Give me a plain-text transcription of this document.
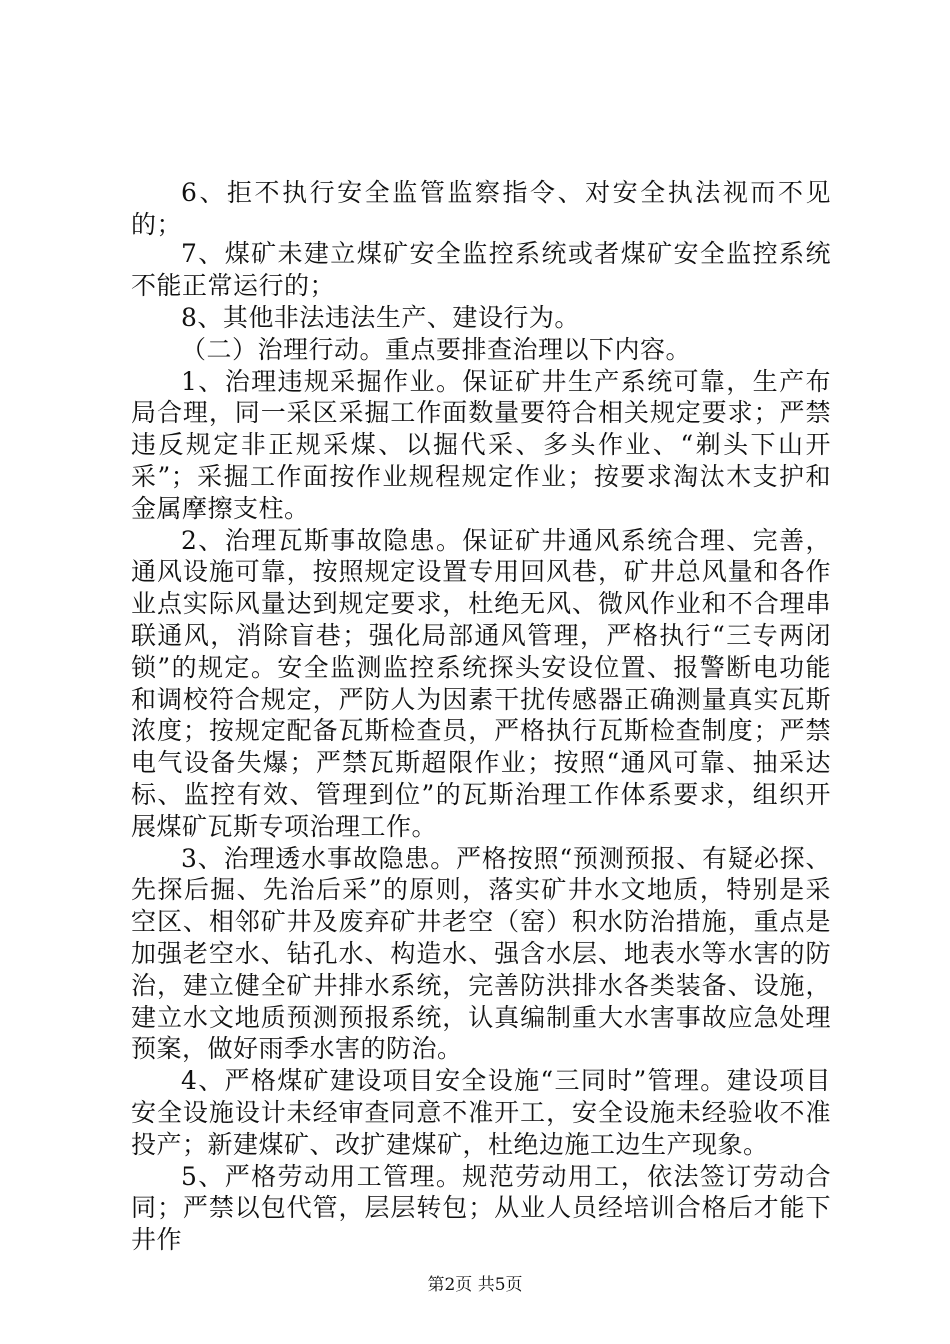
6、拒不执行安全监管监察指令、对安全执法视而不见的；

7、煤矿未建立煤矿安全监控系统或者煤矿安全监控系统不能正常运行的；

8、其他非法违法生产、建设行为。

（二）治理行动。重点要排查治理以下内容。

1、治理违规采掘作业。保证矿井生产系统可靠，生产布局合理，同一采区采掘工作面数量要符合相关规定要求；严禁违反规定非正规采煤、以掘代采、多头作业、“剃头下山开采”；采掘工作面按作业规程规定作业；按要求淘汰木支护和金属摩擦支柱。

2、治理瓦斯事故隐患。保证矿井通风系统合理、完善，通风设施可靠，按照规定设置专用回风巷，矿井总风量和各作业点实际风量达到规定要求，杜绝无风、微风作业和不合理串联通风，消除盲巷；强化局部通风管理，严格执行“三专两闭锁”的规定。安全监测监控系统探头安设位置、报警断电功能和调校符合规定，严防人为因素干扰传感器正确测量真实瓦斯浓度；按规定配备瓦斯检查员，严格执行瓦斯检查制度；严禁电气设备失爆；严禁瓦斯超限作业；按照“通风可靠、抽采达标、监控有效、管理到位”的瓦斯治理工作体系要求，组织开展煤矿瓦斯专项治理工作。

3、治理透水事故隐患。严格按照“预测预报、有疑必探、先探后掘、先治后采”的原则，落实矿井水文地质，特别是采空区、相邻矿井及废弃矿井老空（窑）积水防治措施，重点是加强老空水、钻孔水、构造水、强含水层、地表水等水害的防治，建立健全矿井排水系统，完善防洪排水各类装备、设施，建立水文地质预测预报系统，认真编制重大水害事故应急处理预案，做好雨季水害的防治。

4、严格煤矿建设项目安全设施“三同时”管理。建设项目安全设施设计未经审查同意不准开工，安全设施未经验收不准投产；新建煤矿、改扩建煤矿，杜绝边施工边生产现象。

5、严格劳动用工管理。规范劳动用工，依法签订劳动合同；严禁以包代管，层层转包；从业人员经培训合格后才能下井作

第2页 共5页
